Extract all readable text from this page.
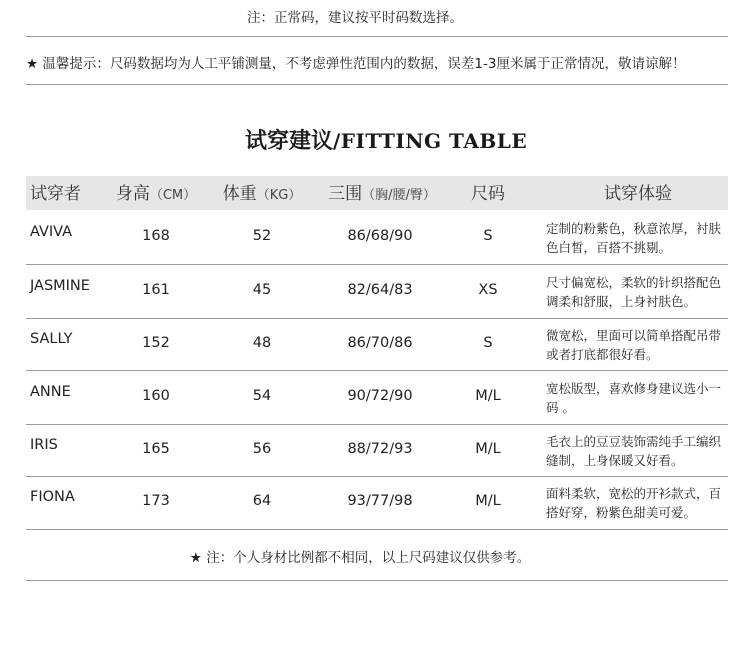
注：正常码，建议按平时码数选择。
★ 温馨提示：尺码数据均为人工平铺测量，不考虑弹性范围内的数据，误差1-3厘米属于正常情况，敬请谅解！
试穿建议/FITTING TABLE
试穿者 身高（CM）	体重（KG）	三围（胸/腰/臀）	尺码	试穿体验
AVIVA	168	52	86/68/90	S	定制的粉紫色，秋意浓厚，衬肤色白皙，百搭不挑剔。
JASMINE	161	45	82/64/83	XS	尺寸偏宽松，柔软的针织搭配色调柔和舒服，上身衬肤色。
SALLY	152	48	86/70/86	S	微宽松，里面可以简单搭配吊带或者打底都很好看。
ANNE	160	54	90/72/90	M/L	宽松版型，喜欢修身建议选小一码 。
IRIS	165	56	88/72/93	M/L	毛衣上的豆豆装饰需纯手工编织缝制，上身保暖又好看。
FIONA	173	64	93/77/98	M/L	面料柔软，宽松的开衫款式，百搭好穿，粉紫色甜美可爱。
★ 注：个人身材比例都不相同，以上尺码建议仅供参考。
